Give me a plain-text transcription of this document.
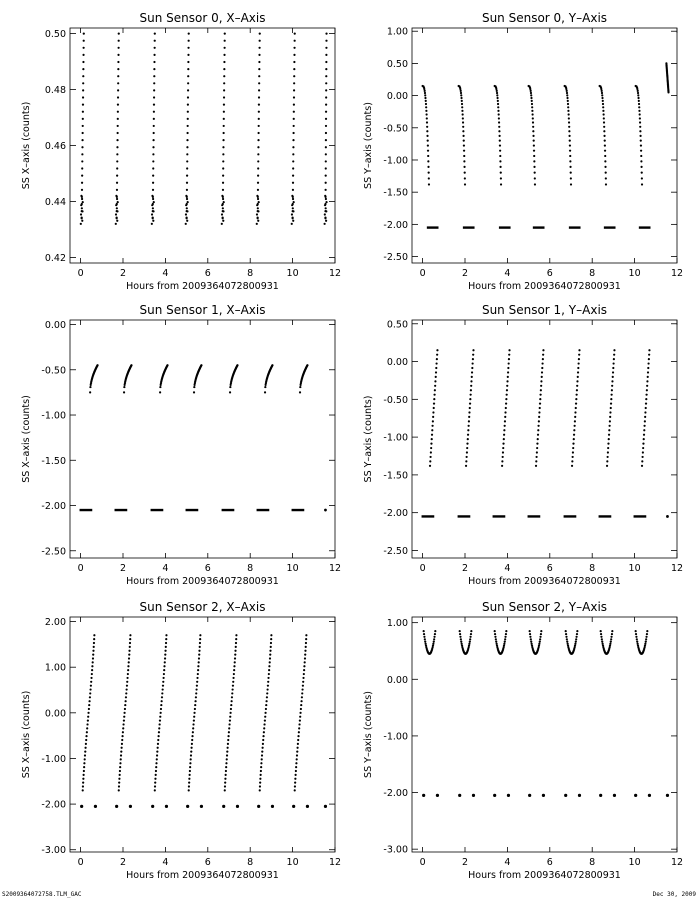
Sun Sensor 0, X–Axis
Hours from 2009364072800931
SS X–axis (counts)
0	2	4	6	8	10	12
0.42
0.44
0.46
0.48
0.50
Sun Sensor 0, Y–Axis
Hours from 2009364072800931
SS Y–axis (counts)
0	2	4	6	8	10	12
-2.50
-2.00
-1.50
-1.00
-0.50
0.00
0.50
1.00
Sun Sensor 1, X–Axis
Hours from 2009364072800931
SS X–axis (counts)
0	2	4	6	8	10	12
-2.50
-2.00
-1.50
-1.00
-0.50
0.00
Sun Sensor 1, Y–Axis
Hours from 2009364072800931
SS Y–axis (counts)
0	2	4	6	8	10	12
-2.50
-2.00
-1.50
-1.00
-0.50
0.00
0.50
Sun Sensor 2, X–Axis
Hours from 2009364072800931
SS X–axis (counts)
0	2	4	6	8	10	12
-3.00
-2.00
-1.00
0.00
1.00
2.00
Sun Sensor 2, Y–Axis
Hours from 2009364072800931
SS Y–axis (counts)
0	2	4	6	8	10	12
-3.00
-2.00
-1.00
0.00
1.00
S2009364072758.TLM_GAC	Dec 30, 2009
